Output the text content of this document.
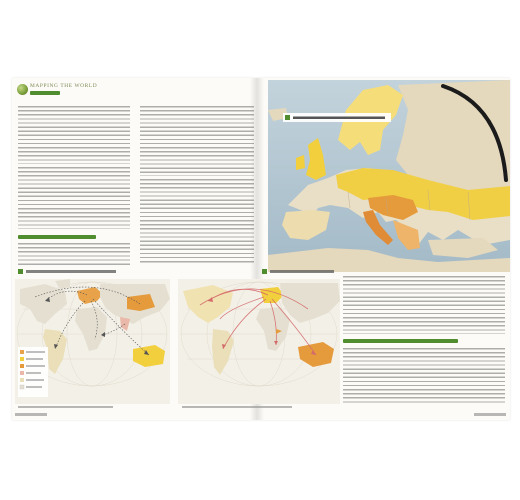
MAPPING THE WORLD
